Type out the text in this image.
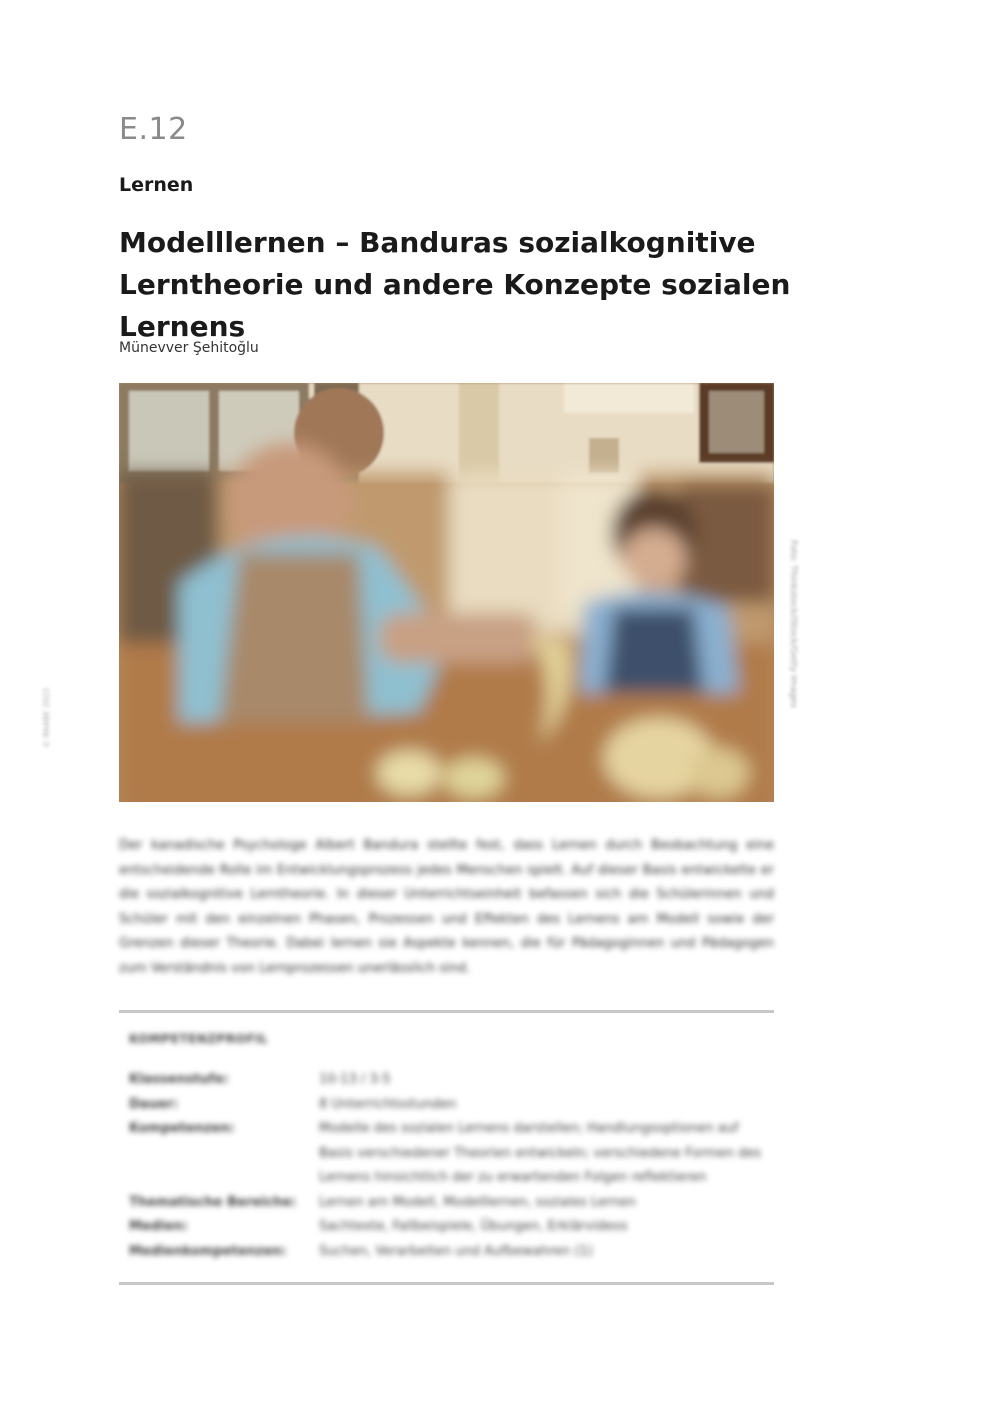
E.12
Lernen
Modelllernen – Banduras sozialkognitive
Lerntheorie und andere Konzepte sozialen Lernens
Münevver Şehitoğlu
Foto: Thinkstock/iStock/Getty Images
© RAABE 2022

Der kanadische Psychologe Albert Bandura stellte fest, dass Lernen durch Beobachtung eine entscheidende Rolle im Entwicklungsprozess jedes Menschen spielt. Auf dieser Basis entwickelte er die sozialkognitive Lerntheorie. In dieser Unterrichtseinheit befassen sich die Schülerinnen und Schüler mit den einzelnen Phasen, Prozessen und Effekten des Lernens am Modell sowie der Grenzen dieser Theorie. Dabei lernen sie Aspekte kennen, die für Pädagoginnen und Pädagogen zum Verständnis von Lernprozessen unerlässlich sind.

KOMPETENZPROFIL
Klassenstufe:	10-13 / 3-5
Dauer:	8 Unterrichtsstunden
Kompetenzen:	Modelle des sozialen Lernens darstellen; Handlungsoptionen auf Basis verschiedener Theorien entwickeln; verschiedene Formen des Lernens hinsichtlich der zu erwartenden Folgen reflektieren
Thematische Bereiche:	Lernen am Modell, Modelllernen, soziales Lernen
Medien:	Sachtexte, Fallbeispiele, Übungen, Erklärvideos
Medienkompetenzen:	Suchen, Verarbeiten und Aufbewahren (1)
